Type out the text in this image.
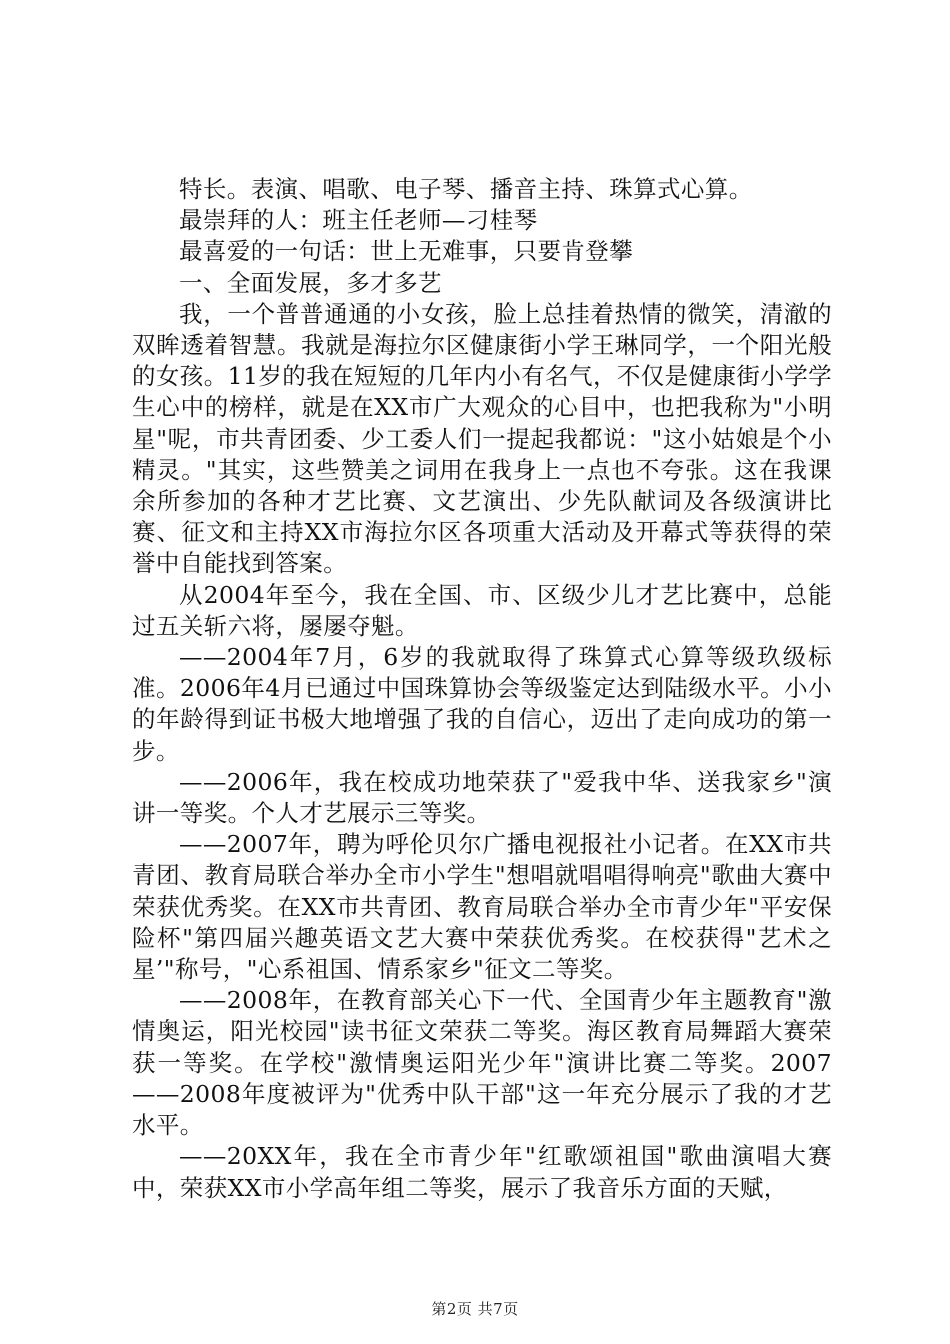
特长。表演、唱歌、电子琴、播音主持、珠算式心算。

最崇拜的人：班主任老师—刁桂琴

最喜爱的一句话：世上无难事，只要肯登攀

一、全面发展，多才多艺

我，一个普普通通的小女孩，脸上总挂着热情的微笑，清澈的双眸透着智慧。我就是海拉尔区健康街小学王琳同学，一个阳光般的女孩。11岁的我在短短的几年内小有名气，不仅是健康街小学学生心中的榜样，就是在XX市广大观众的心目中，也把我称为"小明星"呢，市共青团委、少工委人们一提起我都说："这小姑娘是个小精灵。"其实，这些赞美之词用在我身上一点也不夸张。这在我课余所参加的各种才艺比赛、文艺演出、少先队献词及各级演讲比赛、征文和主持XX市海拉尔区各项重大活动及开幕式等获得的荣誉中自能找到答案。

从2004年至今，我在全国、市、区级少儿才艺比赛中，总能过五关斩六将，屡屡夺魁。

——2004年7月，6岁的我就取得了珠算式心算等级玖级标准。2006年4月已通过中国珠算协会等级鉴定达到陆级水平。小小的年龄得到证书极大地增强了我的自信心，迈出了走向成功的第一步。

——2006年，我在校成功地荣获了"爱我中华、送我家乡"演讲一等奖。个人才艺展示三等奖。

——2007年，聘为呼伦贝尔广播电视报社小记者。在XX市共青团、教育局联合举办全市小学生"想唱就唱唱得响亮"歌曲大赛中荣获优秀奖。在XX市共青团、教育局联合举办全市青少年"平安保险杯"第四届兴趣英语文艺大赛中荣获优秀奖。在校获得"艺术之星’"称号，"心系祖国、情系家乡"征文二等奖。

——2008年，在教育部关心下一代、全国青少年主题教育"激情奥运，阳光校园"读书征文荣获二等奖。海区教育局舞蹈大赛荣获一等奖。在学校"激情奥运阳光少年"演讲比赛二等奖。2007——2008年度被评为"优秀中队干部"这一年充分展示了我的才艺水平。

——20XX年，我在全市青少年"红歌颂祖国"歌曲演唱大赛中，荣获XX市小学高年组二等奖，展示了我音乐方面的天赋，

第2页 共7页
